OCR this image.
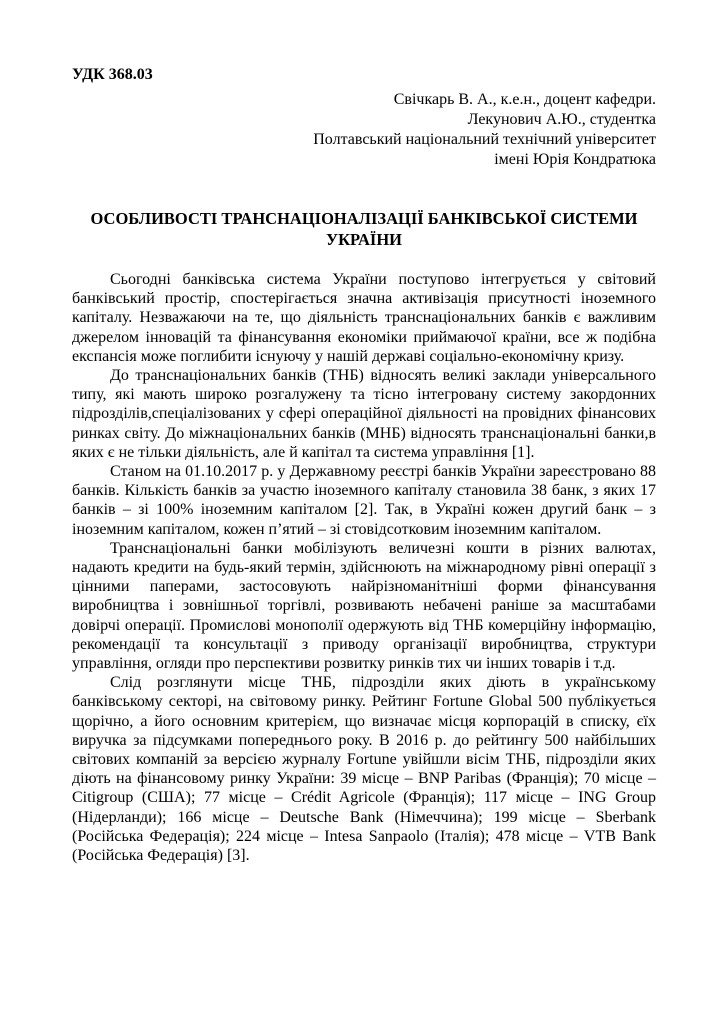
УДК 368.03
Свічкарь В. А., к.е.н., доцент кафедри.
Лекунович А.Ю., студентка
Полтавський національний технічний університет
імені Юрія Кондратюка
ОСОБЛИВОСТІ ТРАНСНАЦІОНАЛІЗАЦІЇ БАНКІВСЬКОЇ СИСТЕМИ УКРАЇНИ

Сьогодні банківська система України поступово інтегрується у світовий банківський простір, спостерігається значна активізація присутності іноземного капіталу. Незважаючи на те, що діяльність транснаціональних банків є важливим джерелом інновацій та фінансування економіки приймаючої країни, все ж подібна експансія може поглибити існуючу у нашій державі соціально-економічну кризу.

До транснаціональних банків (ТНБ) відносять великі заклади універсального типу, які мають широко розгалужену та тісно інтегровану систему закордонних підрозділів,спеціалізованих у сфері операційної діяльності на провідних фінансових ринках світу. До міжнаціональних банків (МНБ) відносять транснаціональні банки,в яких є не тільки діяльність, але й капітал та система управління [1].

Станом на 01.10.2017 р. у Державному реєстрі банків України зареєстровано 88 банків. Кількість банків за участю іноземного капіталу становила 38 банк, з яких 17 банків – зі 100% іноземним капіталом [2]. Так, в Україні кожен другий банк – з іноземним капіталом, кожен п’ятий – зі стовідсотковим іноземним капіталом.

Транснаціональні банки мобілізують величезні кошти в різних валютах, надають кредити на будь-який термін, здійснюють на міжнародному рівні операції з цінними паперами, застосовують найрізноманітніші форми фінансування виробництва і зовнішньої торгівлі, розвивають небачені раніше за масштабами довірчі операції. Промислові монополії одержують від ТНБ комерційну інформацію, рекомендації та консультації з приводу організації виробництва, структури управління, огляди про перспективи розвитку ринків тих чи інших товарів і т.д.

Слід розглянути місце ТНБ, підрозділи яких діють в українському банківському секторі, на світовому ринку. Рейтинг Fortune Global 500 публікується щорічно, а його основним критерієм, що визначає місця корпорацій в списку, єїх виручка за підсумками попереднього року. В 2016 р. до рейтингу 500 найбільших світових компаній за версією журналу Fortune увійшли вісім ТНБ, підрозділи яких діють на фінансовому ринку України: 39 місце – BNP Paribas (Франція); 70 місце – Citigroup (США); 77 місце – Crédit Agricole (Франція); 117 місце – ING Group (Нідерланди); 166 місце – Deutsche Bank (Німеччина); 199 місце – Sberbank (Російська Федерація); 224 місце – Intesa Sanpaolo (Італія); 478 місце – VTB Bank (Російська Федерація) [3].
